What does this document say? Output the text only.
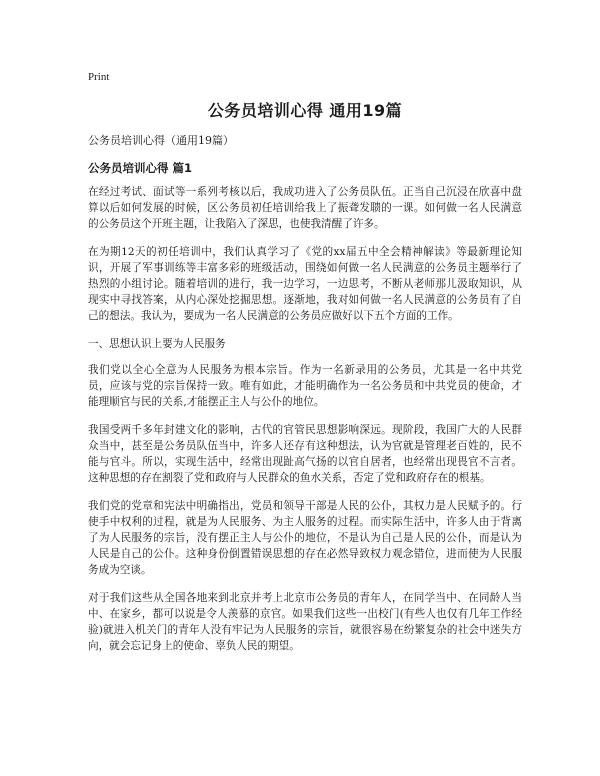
Print
公务员培训心得 通用19篇

公务员培训心得（通用19篇）

公务员培训心得 篇1

在经过考试、面试等一系列考核以后，我成功进入了公务员队伍。正当自己沉浸在欣喜中盘算以后如何发展的时候，区公务员初任培训给我上了振聋发聩的一课。如何做一名人民满意的公务员这个开班主题，让我陷入了深思，也使我清醒了许多。

在为期12天的初任培训中，我们认真学习了《党的xx届五中全会精神解读》等最新理论知识，开展了军事训练等丰富多彩的班级活动，围绕如何做一名人民满意的公务员主题举行了热烈的小组讨论。随着培训的进行，我一边学习，一边思考，不断从老师那儿汲取知识，从现实中寻找答案，从内心深处挖掘思想。逐渐地，我对如何做一名人民满意的公务员有了自己的想法。我认为，要成为一名人民满意的公务员应做好以下五个方面的工作。

一、思想认识上要为人民服务

我们党以全心全意为人民服务为根本宗旨。作为一名新录用的公务员，尤其是一名中共党员，应该与党的宗旨保持一致。唯有如此，才能明确作为一名公务员和中共党员的使命，才能理顺官与民的关系,才能摆正主人与公仆的地位。

我国受两千多年封建文化的影响，古代的官管民思想影响深远。现阶段，我国广大的人民群众当中，甚至是公务员队伍当中，许多人还存有这种想法，认为官就是管理老百姓的，民不能与官斗。所以，实现生活中，经常出现趾高气扬的以官自居者，也经常出现畏官不言者。这种思想的存在割裂了党和政府与人民群众的鱼水关系，否定了党和政府存在的根基。

我们党的党章和宪法中明确指出，党员和领导干部是人民的公仆，其权力是人民赋予的。行使手中权利的过程，就是为人民服务、为主人服务的过程。而实际生活中，许多人由于背离了为人民服务的宗旨，没有摆正主人与公仆的地位，不是认为自己是人民的公仆，而是认为人民是自己的公仆。这种身份倒置错误思想的存在必然导致权力观念错位，进而使为人民服务成为空谈。

对于我们这些从全国各地来到北京并考上北京市公务员的青年人，在同学当中、在同龄人当中、在家乡，都可以说是令人羡慕的京官。如果我们这些一出校门(有些人也仅有几年工作经验)就进入机关门的青年人没有牢记为人民服务的宗旨，就很容易在纷繁复杂的社会中迷失方向，就会忘记身上的使命、辜负人民的期望。
